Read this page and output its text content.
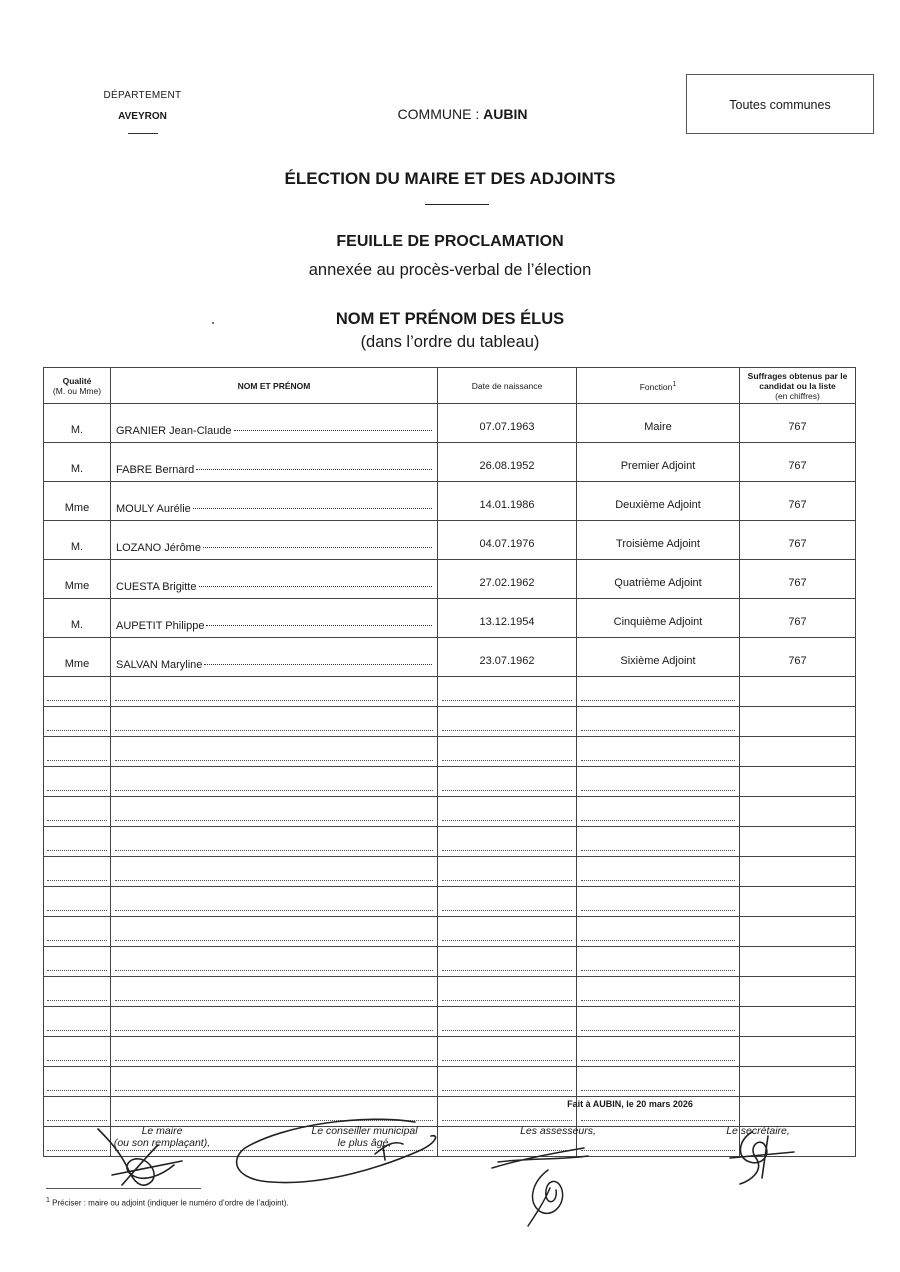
DÉPARTEMENT
AVEYRON	COMMUNE : AUBIN
Toutes communes
ÉLECTION DU MAIRE ET DES ADJOINTS
FEUILLE DE PROCLAMATION
annexée au procès-verbal de l’élection
NOM ET PRÉNOM DES ÉLUS
(dans l’ordre du tableau)
Qualité
(M. ou Mme)	NOM ET PRÉNOM	Date de naissance	Fonction$^1$	Suffrages obtenus par le candidat ou la liste
(en chiffres)
M.	GRANIER Jean-Claude	07.07.1963	Maire	767
M.	FABRE Bernard	26.08.1952	Premier Adjoint	767
Mme	MOULY Aurélie	14.01.1986	Deuxième Adjoint	767
M.	LOZANO Jérôme	04.07.1976	Troisième Adjoint	767
Mme	CUESTA Brigitte	27.02.1962	Quatrième Adjoint	767
M.	AUPETIT Philippe	13.12.1954	Cinquième Adjoint	767
Mme	SALVAN Maryline	23.07.1962	Sixième Adjoint	767

Fait à AUBIN, le 20 mars 2026
Le maire
(ou son remplaçant),
Le conseiller municipal
le plus âgé,
Les assesseurs,	Le secrétaire,
$^1$ Préciser : maire ou adjoint (indiquer le numéro d’ordre de l’adjoint).
